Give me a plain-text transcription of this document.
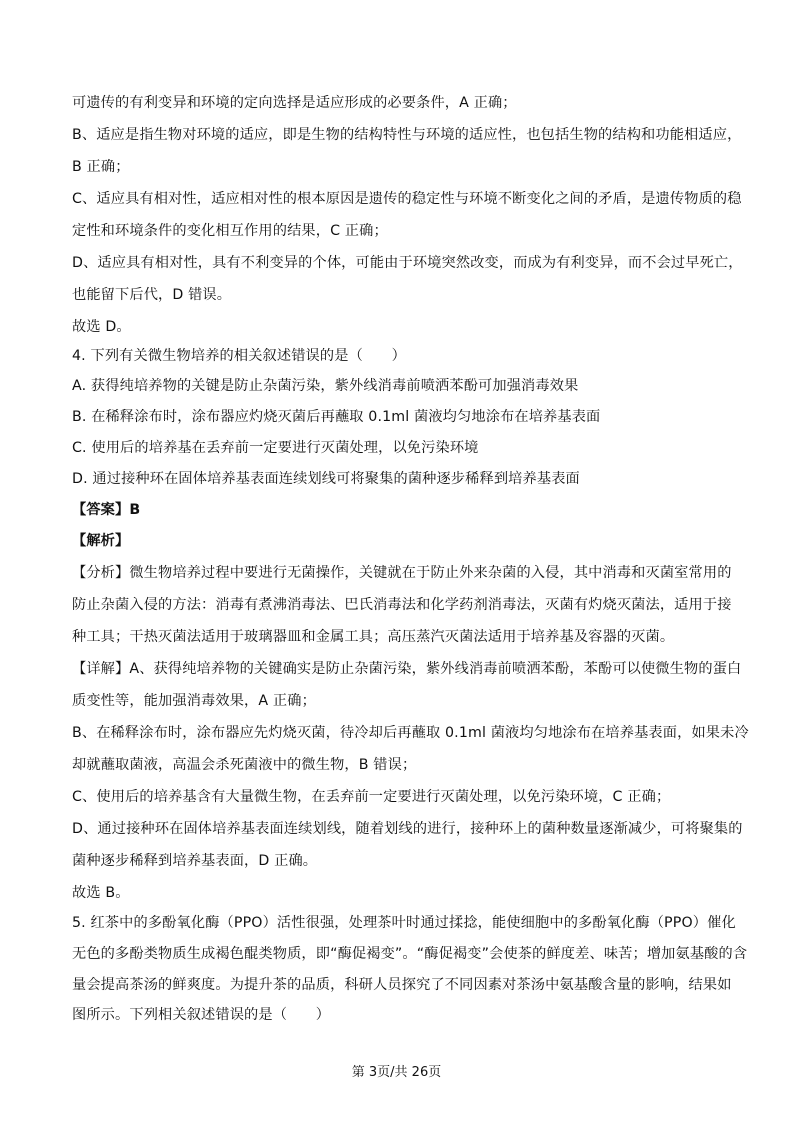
可遗传的有利变异和环境的定向选择是适应形成的必要条件，A 正确；
B、适应是指生物对环境的适应，即是生物的结构特性与环境的适应性，也包括生物的结构和功能相适应，
B 正确；
C、适应具有相对性，适应相对性的根本原因是遗传的稳定性与环境不断变化之间的矛盾，是遗传物质的稳
定性和环境条件的变化相互作用的结果，C 正确；
D、适应具有相对性，具有不利变异的个体，可能由于环境突然改变，而成为有利变异，而不会过早死亡，
也能留下后代，D 错误。
故选 D。
4. 下列有关微生物培养的相关叙述错误的是（　　）
A. 获得纯培养物的关键是防止杂菌污染，紫外线消毒前喷洒苯酚可加强消毒效果
B. 在稀释涂布时，涂布器应灼烧灭菌后再蘸取 0.1ml 菌液均匀地涂布在培养基表面
C. 使用后的培养基在丢弃前一定要进行灭菌处理，以免污染环境
D. 通过接种环在固体培养基表面连续划线可将聚集的菌种逐步稀释到培养基表面
【答案】B
【解析】
【分析】微生物培养过程中要进行无菌操作，关键就在于防止外来杂菌的入侵，其中消毒和灭菌室常用的
防止杂菌入侵的方法：消毒有煮沸消毒法、巴氏消毒法和化学药剂消毒法，灭菌有灼烧灭菌法，适用于接
种工具；干热灭菌法适用于玻璃器皿和金属工具；高压蒸汽灭菌法适用于培养基及容器的灭菌。
【详解】A、获得纯培养物的关键确实是防止杂菌污染，紫外线消毒前喷洒苯酚，苯酚可以使微生物的蛋白
质变性等，能加强消毒效果，A 正确；
B、在稀释涂布时，涂布器应先灼烧灭菌，待冷却后再蘸取 0.1ml 菌液均匀地涂布在培养基表面，如果未冷
却就蘸取菌液，高温会杀死菌液中的微生物，B 错误；
C、使用后的培养基含有大量微生物，在丢弃前一定要进行灭菌处理，以免污染环境，C 正确；
D、通过接种环在固体培养基表面连续划线，随着划线的进行，接种环上的菌种数量逐渐减少，可将聚集的
菌种逐步稀释到培养基表面，D 正确。
故选 B。
5. 红茶中的多酚氧化酶（PPO）活性很强，处理茶叶时通过揉捻，能使细胞中的多酚氧化酶（PPO）催化
无色的多酚类物质生成褐色醌类物质，即“酶促褐变”。“酶促褐变”会使茶的鲜度差、味苦；增加氨基酸的含
量会提高茶汤的鲜爽度。为提升茶的品质，科研人员探究了不同因素对茶汤中氨基酸含量的影响，结果如
图所示。下列相关叙述错误的是（　　）
第 3页/共 26页
